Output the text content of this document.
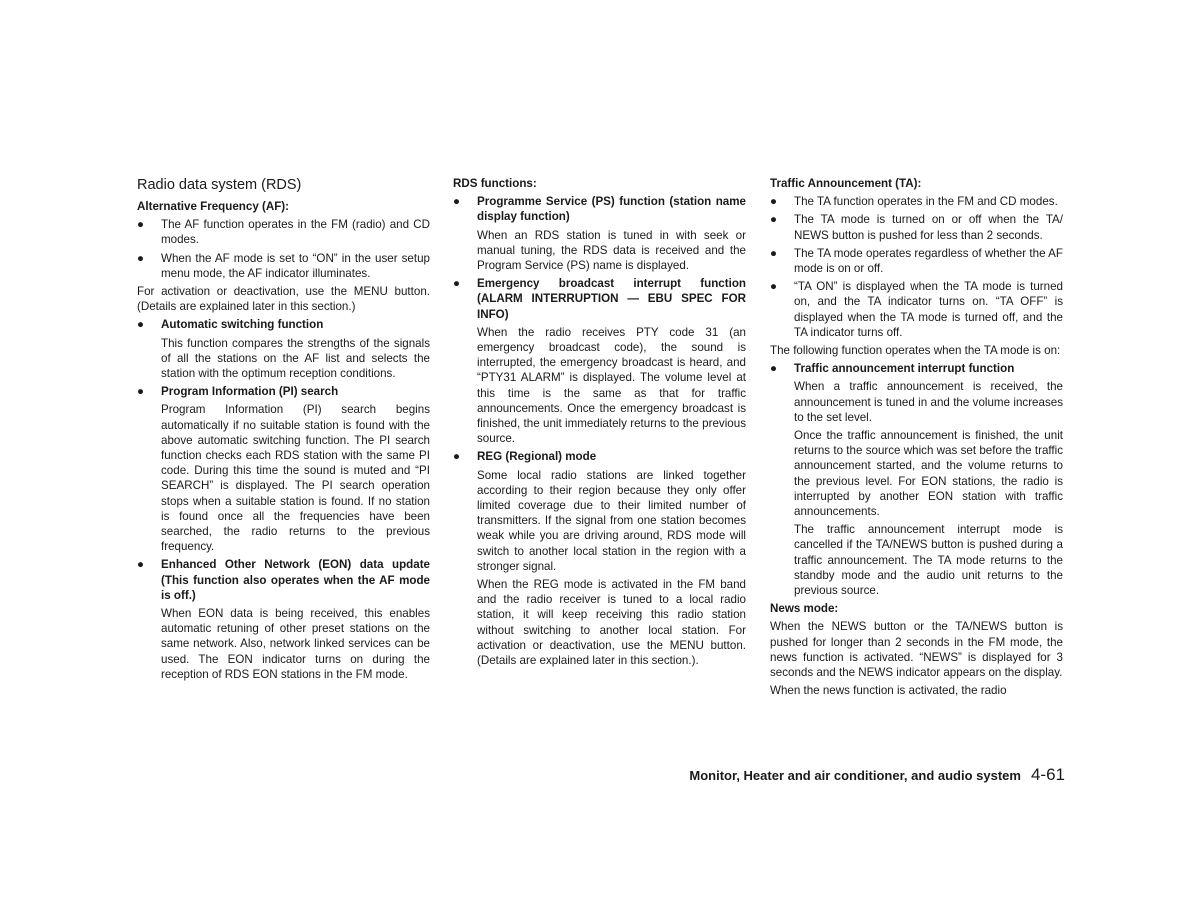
Radio data system (RDS)
Alternative Frequency (AF):
● The AF function operates in the FM (radio) and CD modes.
● When the AF mode is set to “ON” in the user setup menu mode, the AF indicator illuminates.
For activation or deactivation, use the MENU button. (Details are explained later in this section.)
● Automatic switching function
This function compares the strengths of the signals of all the stations on the AF list and selects the station with the optimum reception conditions.
● Program Information (PI) search
Program Information (PI) search begins automatically if no suitable station is found with the above automatic switching function. The PI search function checks each RDS station with the same PI code. During this time the sound is muted and “PI SEARCH” is displayed. The PI search operation stops when a suitable station is found. If no station is found once all the frequencies have been searched, the radio returns to the previous frequency.
● Enhanced Other Network (EON) data update (This function also operates when the AF mode is off.)
When EON data is being received, this enables automatic retuning of other preset stations on the same network. Also, network linked services can be used. The EON indicator turns on during the reception of RDS EON stations in the FM mode.
RDS functions:
● Programme Service (PS) function (station name display function)
When an RDS station is tuned in with seek or manual tuning, the RDS data is received and the Program Service (PS) name is displayed.
● Emergency broadcast interrupt function (ALARM INTERRUPTION — EBU SPEC FOR INFO)
When the radio receives PTY code 31 (an emergency broadcast code), the sound is interrupted, the emergency broadcast is heard, and “PTY31 ALARM” is displayed. The volume level at this time is the same as that for traffic announcements. Once the emergency broadcast is finished, the unit immediately returns to the previous source.
● REG (Regional) mode
Some local radio stations are linked together according to their region because they only offer limited coverage due to their limited number of transmitters. If the signal from one station becomes weak while you are driving around, RDS mode will switch to another local station in the region with a stronger signal.
When the REG mode is activated in the FM band and the radio receiver is tuned to a local radio station, it will keep receiving this radio station without switching to another local station. For activation or deactivation, use the MENU button. (Details are explained later in this section.).
Traffic Announcement (TA):
● The TA function operates in the FM and CD modes.
● The TA mode is turned on or off when the TA/ NEWS button is pushed for less than 2 seconds.
● The TA mode operates regardless of whether the AF mode is on or off.
● “TA ON” is displayed when the TA mode is turned on, and the TA indicator turns on. “TA OFF” is displayed when the TA mode is turned off, and the TA indicator turns off.
The following function operates when the TA mode is on:
● Traffic announcement interrupt function
When a traffic announcement is received, the announcement is tuned in and the volume increases to the set level.
Once the traffic announcement is finished, the unit returns to the source which was set before the traffic announcement started, and the volume returns to the previous level. For EON stations, the radio is interrupted by another EON station with traffic announcements.
The traffic announcement interrupt mode is cancelled if the TA/NEWS button is pushed during a traffic announcement. The TA mode returns to the standby mode and the audio unit returns to the previous source.
News mode:
When the NEWS button or the TA/NEWS button is pushed for longer than 2 seconds in the FM mode, the news function is activated. “NEWS” is displayed for 3 seconds and the NEWS indicator appears on the display.
When the news function is activated, the radio
Monitor, Heater and air conditioner, and audio system 4-61
